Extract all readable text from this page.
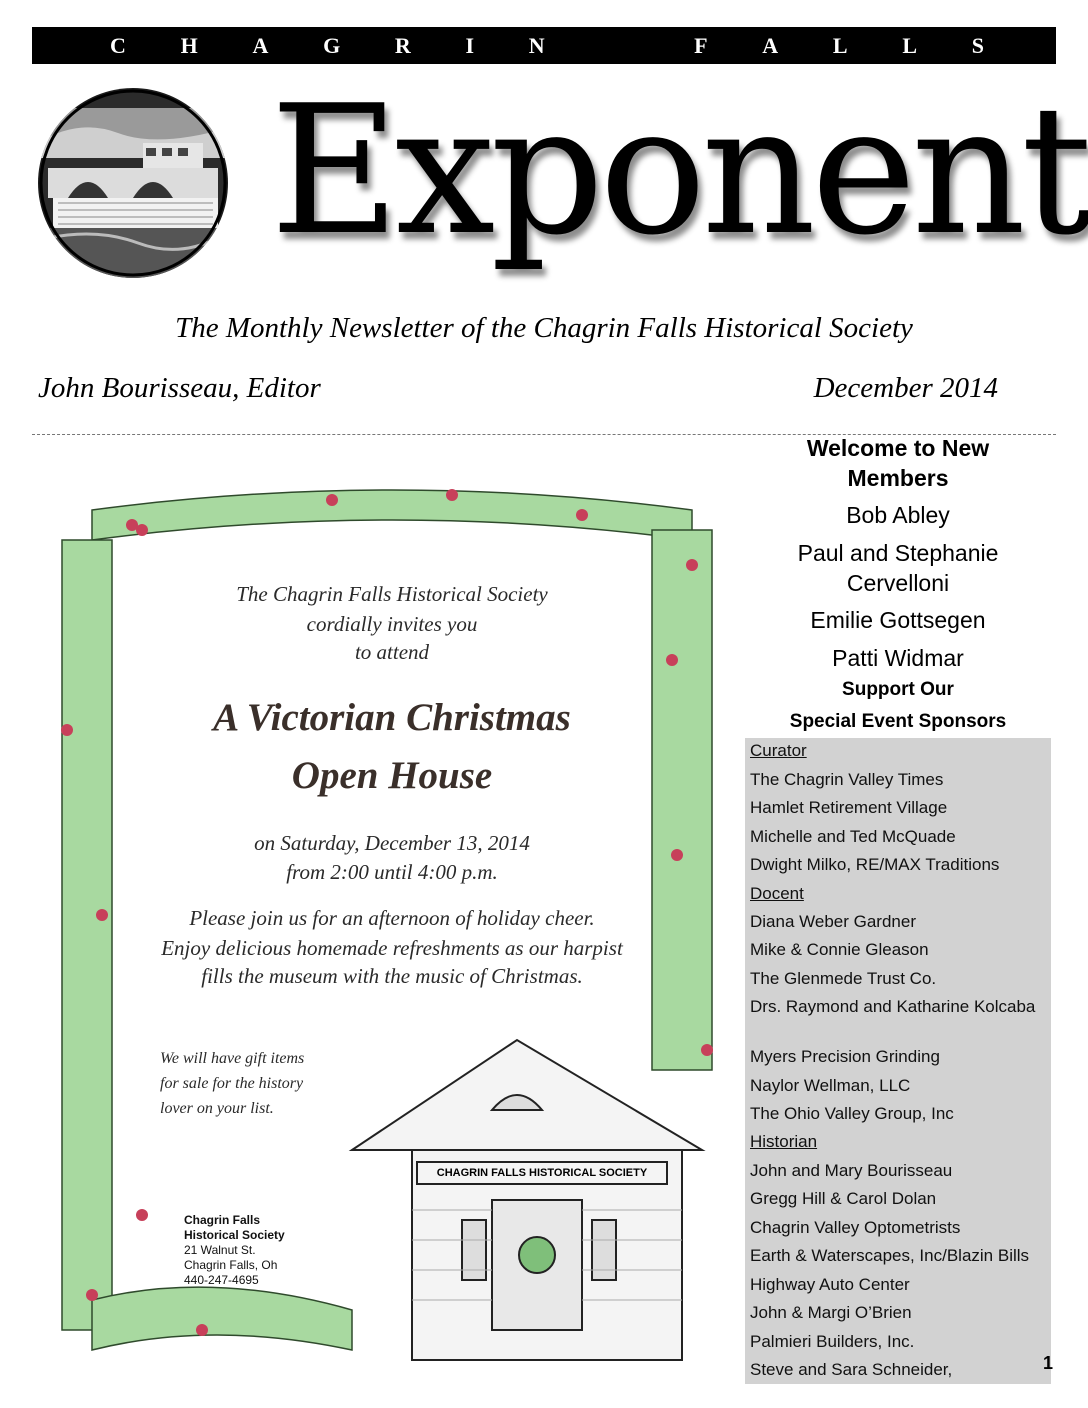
C H A G R I N	F A L L S
Exponent
The Monthly Newsletter of the Chagrin Falls Historical Society
John Bourisseau, Editor	December 2014
The Chagrin Falls Historical Society
cordially invites you
to attend
A Victorian Christmas
Open House
on Saturday, December 13, 2014
from 2:00 until 4:00 p.m.
Please join us for an afternoon of holiday cheer.
Enjoy delicious homemade refreshments as our harpist
fills the museum with the music of Christmas.
We will have gift items
for sale for the history
lover on your list.
CHAGRIN FALLS HISTORICAL SOCIETY
Chagrin Falls
Historical Society
21 Walnut St.
Chagrin Falls, Oh
440-247-4695
Welcome to New
Members
Bob Abley
Paul and Stephanie
Cervelloni
Emilie Gottsegen
Patti Widmar
Support Our
Special Event Sponsors
Curator
The Chagrin Valley Times
Hamlet Retirement Village
Michelle and Ted McQuade
Dwight Milko, RE/MAX Traditions
Docent
Diana Weber Gardner
Mike & Connie Gleason
The Glenmede Trust Co.
Drs. Raymond and Katharine Kolcaba
Myers Precision Grinding
Naylor Wellman, LLC
The Ohio Valley Group, Inc
Historian
John and Mary Bourisseau
Gregg Hill & Carol Dolan
Chagrin Valley Optometrists
Earth & Waterscapes, Inc/Blazin Bills
Highway Auto Center
John & Margi O’Brien
Palmieri Builders, Inc.
Steve and Sara Schneider,	1
